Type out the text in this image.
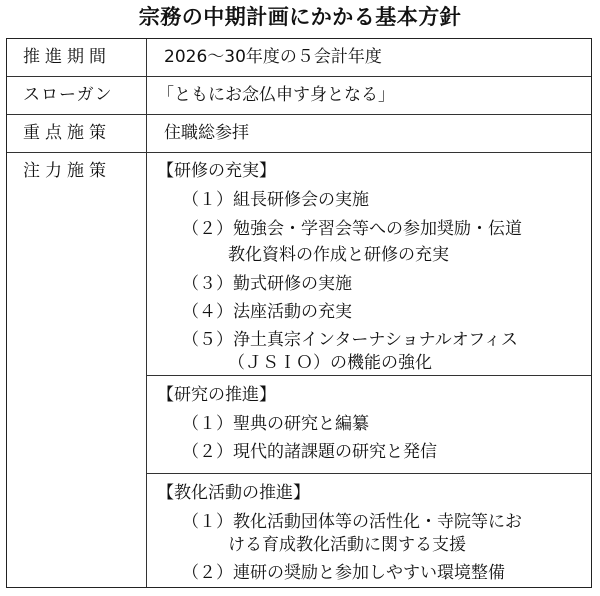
宗務の中期計画にかかる基本方針
推進期間
スローガン
重点施策
注力施策
2026〜30年度の５会計年度
「ともにお念仏申す身となる」
住職総参拝
【研修の充実】
（１）組長研修会の実施
（２）勉強会・学習会等への参加奨励・伝道
教化資料の作成と研修の充実
（３）勤式研修の実施
（４）法座活動の充実
（５）浄土真宗インターナショナルオフィス
（ＪＳＩＯ）の機能の強化
【研究の推進】
（１）聖典の研究と編纂
（２）現代的諸課題の研究と発信
【教化活動の推進】
（１）教化活動団体等の活性化・寺院等にお
ける育成教化活動に関する支援
（２）連研の奨励と参加しやすい環境整備
